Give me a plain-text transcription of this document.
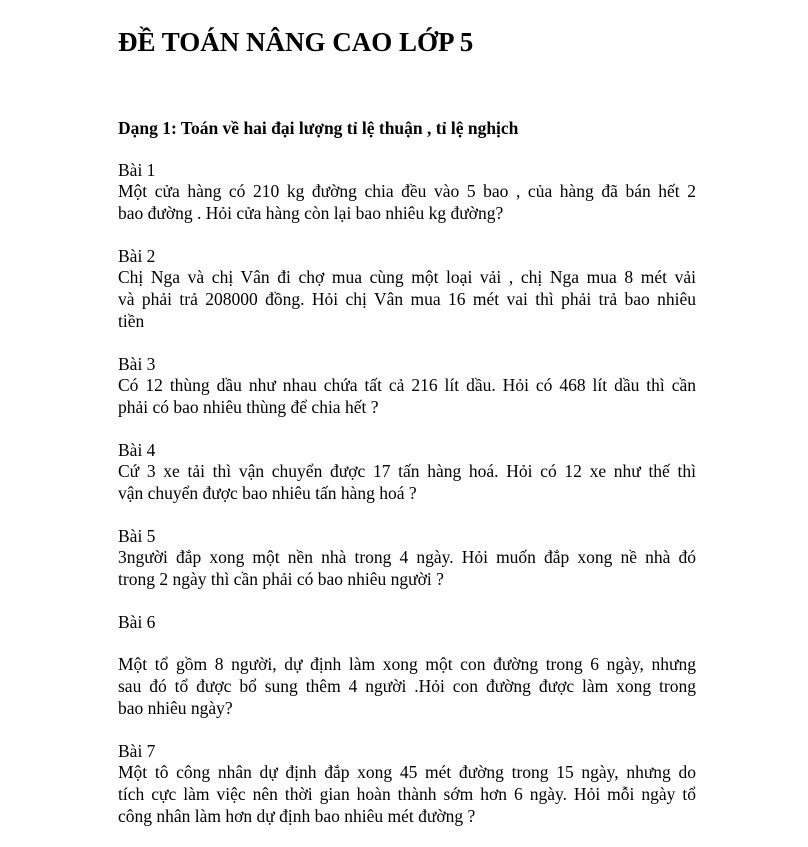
ĐỀ TOÁN NÂNG CAO LỚP 5
Dạng 1: Toán về hai đại lượng tỉ lệ thuận , tỉ lệ nghịch
Bài 1
Một cửa hàng có 210 kg đường chia đều vào 5 bao , của hàng đã bán hết 2
bao đường . Hỏi cửa hàng còn lại bao nhiêu kg đường?
Bài 2
Chị Nga và chị Vân đi chợ mua cùng một loại vải , chị Nga mua 8 mét vải
và phải trả 208000 đồng. Hỏi chị Vân mua 16 mét vai thì phải trả bao nhiêu
tiền
Bài 3
Có 12 thùng dầu như nhau chứa tất cả 216 lít dầu. Hỏi có 468 lít dầu thì cần
phải có bao nhiêu thùng để chia hết ?
Bài 4
Cứ 3 xe tải thì vận chuyển được 17 tấn hàng hoá. Hỏi có 12 xe như thế thì
vận chuyển được bao nhiêu tấn hàng hoá ?
Bài 5
3người đắp xong một nền nhà trong 4 ngày. Hỏi muốn đắp xong nề nhà đó
trong 2 ngày thì cần phải có bao nhiêu người ?
Bài 6
Một tổ gồm 8 người, dự định làm xong một con đường trong 6 ngày, nhưng
sau đó tổ được bổ sung thêm 4 người .Hỏi con đường được làm xong trong
bao nhiêu ngày?
Bài 7
Một tô công nhân dự định đắp xong 45 mét đường trong 15 ngày, nhưng do
tích cực làm việc nên thời gian hoàn thành sớm hơn 6 ngày. Hỏi mỗi ngày tổ
công nhân làm hơn dự định bao nhiêu mét đường ?
